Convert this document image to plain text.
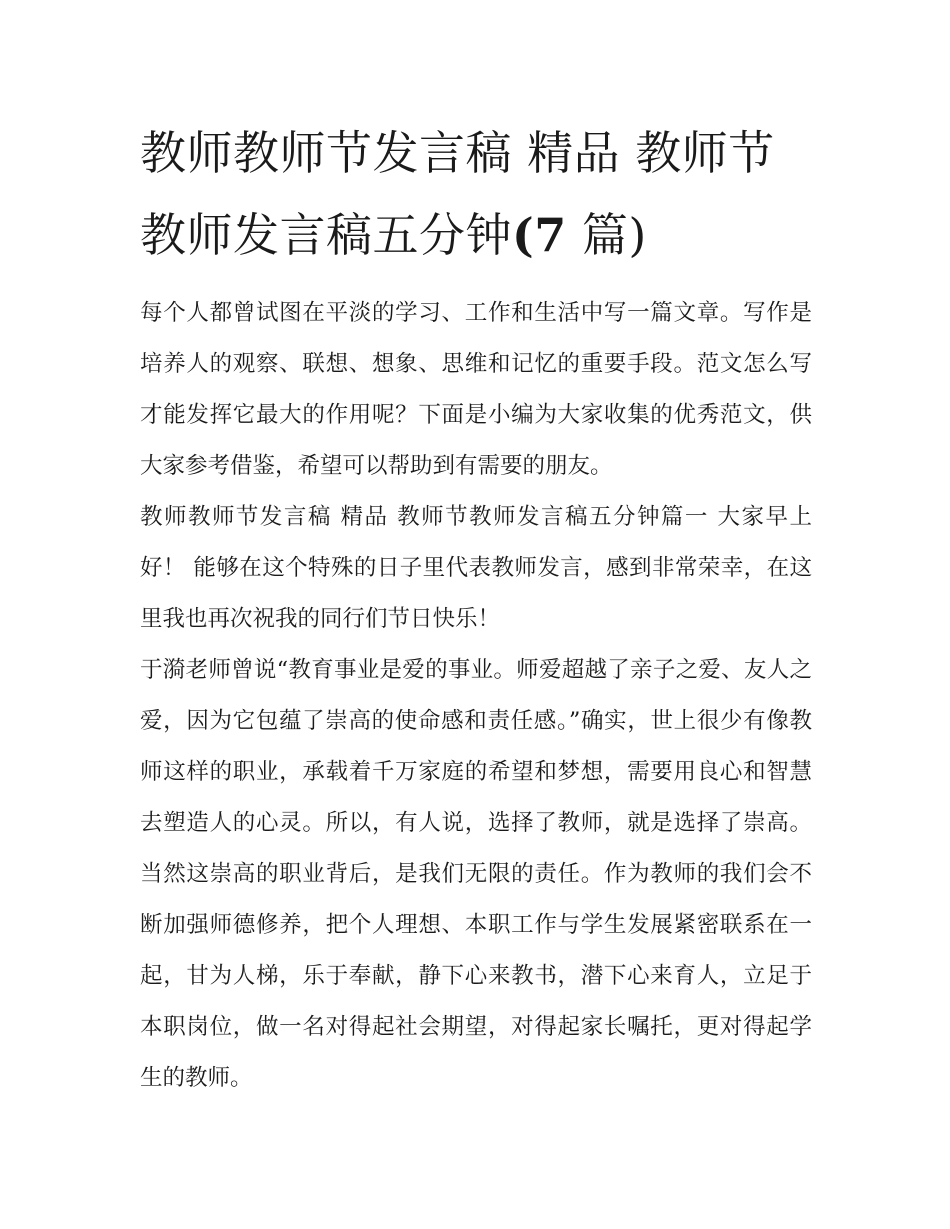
教师教师节发言稿 精品 教师节教师发言稿五分钟(7 篇)

每个人都曾试图在平淡的学习、工作和生活中写一篇文章。写作是培养人的观察、联想、想象、思维和记忆的重要手段。范文怎么写才能发挥它最大的作用呢？下面是小编为大家收集的优秀范文，供大家参考借鉴，希望可以帮助到有需要的朋友。

教师教师节发言稿 精品 教师节教师发言稿五分钟篇一 大家早上好！ 能够在这个特殊的日子里代表教师发言，感到非常荣幸，在这里我也再次祝我的同行们节日快乐！

于漪老师曾说“教育事业是爱的事业。师爱超越了亲子之爱、友人之爱，因为它包蕴了崇高的使命感和责任感。”确实，世上很少有像教师这样的职业，承载着千万家庭的希望和梦想，需要用良心和智慧去塑造人的心灵。所以，有人说，选择了教师，就是选择了崇高。当然这崇高的职业背后，是我们无限的责任。作为教师的我们会不断加强师德修养，把个人理想、本职工作与学生发展紧密联系在一起，甘为人梯，乐于奉献，静下心来教书，潜下心来育人，立足于本职岗位，做一名对得起社会期望，对得起家长嘱托，更对得起学生的教师。
